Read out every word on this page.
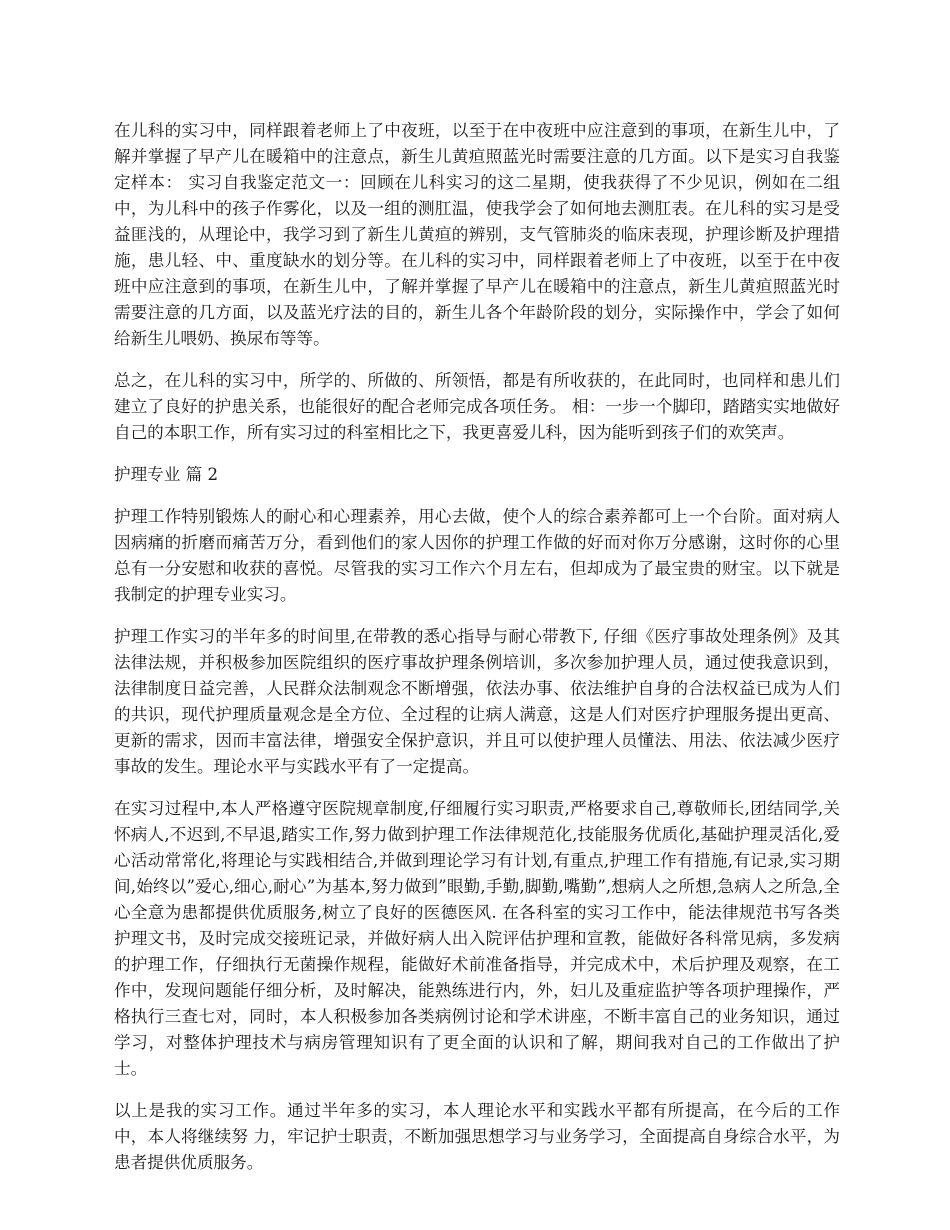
在儿科的实习中，同样跟着老师上了中夜班，以至于在中夜班中应注意到的事项，在新生儿中，了解并掌握了早产儿在暖箱中的注意点，新生儿黄疸照蓝光时需要注意的几方面。以下是实习自我鉴定样本： 实习自我鉴定范文一：回顾在儿科实习的这二星期，使我获得了不少见识，例如在二组中，为儿科中的孩子作雾化，以及一组的测肛温，使我学会了如何地去测肛表。在儿科的实习是受益匪浅的，从理论中，我学习到了新生儿黄疸的辨别，支气管肺炎的临床表现，护理诊断及护理措施，患儿轻、中、重度缺水的划分等。在儿科的实习中，同样跟着老师上了中夜班，以至于在中夜班中应注意到的事项，在新生儿中，了解并掌握了早产儿在暖箱中的注意点，新生儿黄疸照蓝光时需要注意的几方面，以及蓝光疗法的目的，新生儿各个年龄阶段的划分，实际操作中，学会了如何给新生儿喂奶、换尿布等等。

总之，在儿科的实习中，所学的、所做的、所领悟，都是有所收获的，在此同时，也同样和患儿们建立了良好的护患关系，也能很好的配合老师完成各项任务。 相：一步一个脚印，踏踏实实地做好自己的本职工作，所有实习过的科室相比之下，我更喜爱儿科，因为能听到孩子们的欢笑声。

护理专业 篇 2

护理工作特别锻炼人的耐心和心理素养，用心去做，使个人的综合素养都可上一个台阶。面对病人因病痛的折磨而痛苦万分，看到他们的家人因你的护理工作做的好而对你万分感谢，这时你的心里总有一分安慰和收获的喜悦。尽管我的实习工作六个月左右，但却成为了最宝贵的财宝。以下就是我制定的护理专业实习。

护理工作实习的半年多的时间里,在带教的悉心指导与耐心带教下, 仔细《医疗事故处理条例》及其法律法规，并积极参加医院组织的医疗事故护理条例培训，多次参加护理人员，通过使我意识到，法律制度日益完善，人民群众法制观念不断增强，依法办事、依法维护自身的合法权益已成为人们的共识，现代护理质量观念是全方位、全过程的让病人满意，这是人们对医疗护理服务提出更高、更新的需求，因而丰富法律，增强安全保护意识，并且可以使护理人员懂法、用法、依法减少医疗事故的发生。理论水平与实践水平有了一定提高。

在实习过程中,本人严格遵守医院规章制度,仔细履行实习职责,严格要求自己,尊敬师长,团结同学,关怀病人,不迟到,不早退,踏实工作,努力做到护理工作法律规范化,技能服务优质化,基础护理灵活化,爱心活动常常化,将理论与实践相结合,并做到理论学习有计划,有重点,护理工作有措施,有记录,实习期间,始终以”爱心,细心,耐心”为基本,努力做到”眼勤,手勤,脚勤,嘴勤”,想病人之所想,急病人之所急,全心全意为患都提供优质服务,树立了良好的医德医风. 在各科室的实习工作中，能法律规范书写各类护理文书，及时完成交接班记录，并做好病人出入院评估护理和宣教，能做好各科常见病，多发病的护理工作，仔细执行无菌操作规程，能做好术前准备指导，并完成术中，术后护理及观察，在工作中，发现问题能仔细分析，及时解决，能熟练进行内，外，妇儿及重症监护等各项护理操作，严格执行三查七对，同时，本人积极参加各类病例讨论和学术讲座，不断丰富自己的业务知识，通过学习，对整体护理技术与病房管理知识有了更全面的认识和了解，期间我对自己的工作做出了护士。

以上是我的实习工作。通过半年多的实习，本人理论水平和实践水平都有所提高，在今后的工作中，本人将继续努 力，牢记护士职责，不断加强思想学习与业务学习，全面提高自身综合水平，为患者提供优质服务。
